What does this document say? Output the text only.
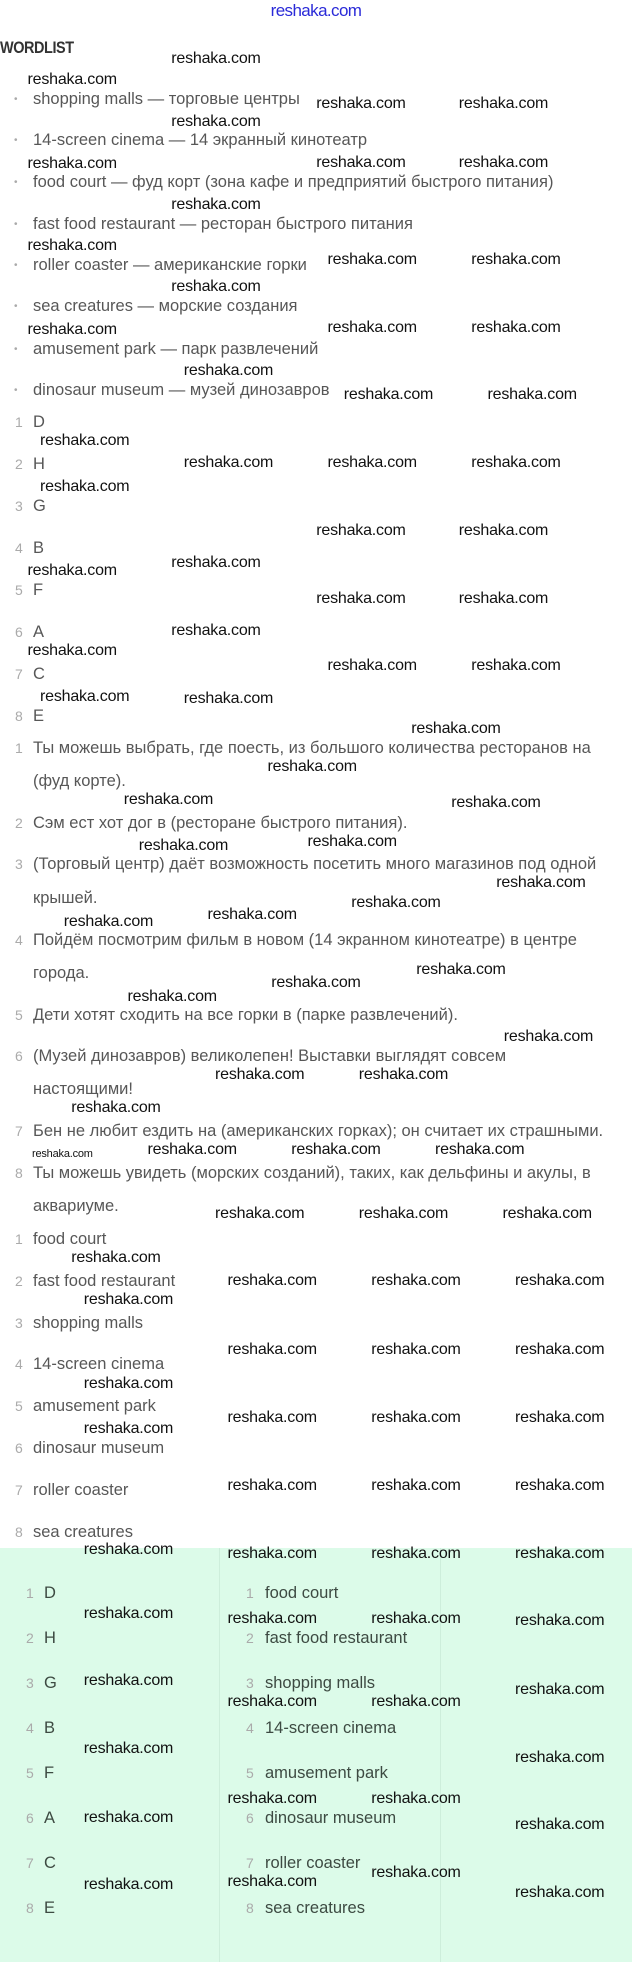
reshaka.com
WORDLIST
• shopping malls — торговые центры
• 14-screen cinema — 14 экранный кинотеатр
• food court — фуд корт (зона кафе и предприятий быстрого питания)
• fast food restaurant — ресторан быстрого питания
• roller coaster — американские горки
• sea creatures — морские создания
• amusement park — парк развлечений
• dinosaur museum — музей динозавров
1 D
2 H
3 G
4 B
5 F
6 A
7 C
8 E
1 Ты можешь выбрать, где поесть, из большого количества ресторанов на
(фуд корте).
2 Сэм ест хот дог в (ресторане быстрого питания).
3 (Торговый центр) даёт возможность посетить много магазинов под одной
крышей.
4 Пойдём посмотрим фильм в новом (14 экранном кинотеатре) в центре
города.
5 Дети хотят сходить на все горки в (парке развлечений).
6 (Музей динозавров) великолепен! Выставки выглядят совсем
настоящими!
7 Бен не любит ездить на (американских горках); он считает их страшными.
8 Ты можешь увидеть (морских созданий), таких, как дельфины и акулы, в
аквариуме.
1 food court
2 fast food restaurant
3 shopping malls
4 14-screen cinema
5 amusement park
6 dinosaur museum
7 roller coaster
8 sea creatures
1 D	1 food court
2 H	2 fast food restaurant
3 G	3 shopping malls
4 B	4 14-screen cinema
5 F	5 amusement park
6 A	6 dinosaur museum
7 C	7 roller coaster
8 E	8 sea creatures
reshaka.com
reshaka.com
reshaka.com	reshaka.com
reshaka.com
reshaka.com	reshaka.com	reshaka.com
reshaka.com
reshaka.com
reshaka.com	reshaka.com
reshaka.com
reshaka.com	reshaka.com
reshaka.com
reshaka.com
reshaka.com	reshaka.com
reshaka.com
reshaka.com	reshaka.com	reshaka.com
reshaka.com
reshaka.com	reshaka.com
reshaka.com
reshaka.com
reshaka.com	reshaka.com
reshaka.com
reshaka.com
reshaka.com	reshaka.com
reshaka.com
reshaka.com
reshaka.com
reshaka.com
reshaka.com	reshaka.com
reshaka.com
reshaka.com
reshaka.com
reshaka.com
reshaka.com
reshaka.com
reshaka.com
reshaka.com
reshaka.com
reshaka.com
reshaka.com	reshaka.com
reshaka.com
reshaka.com	reshaka.com	reshaka.com
reshaka.com	reshaka.com	reshaka.com
reshaka.com
reshaka.com	reshaka.com	reshaka.com
reshaka.com
reshaka.com	reshaka.com	reshaka.com
reshaka.com
reshaka.com	reshaka.com	reshaka.com
reshaka.com
reshaka.com	reshaka.com	reshaka.com
reshaka.com	reshaka.com	reshaka.com	reshaka.com
reshaka.com	reshaka.com	reshaka.com	reshaka.com
reshaka.com
reshaka.com	reshaka.com
reshaka.com
reshaka.com
reshaka.com
reshaka.com	reshaka.com
reshaka.com	reshaka.com
reshaka.com
reshaka.com
reshaka.com	reshaka.com
reshaka.com
